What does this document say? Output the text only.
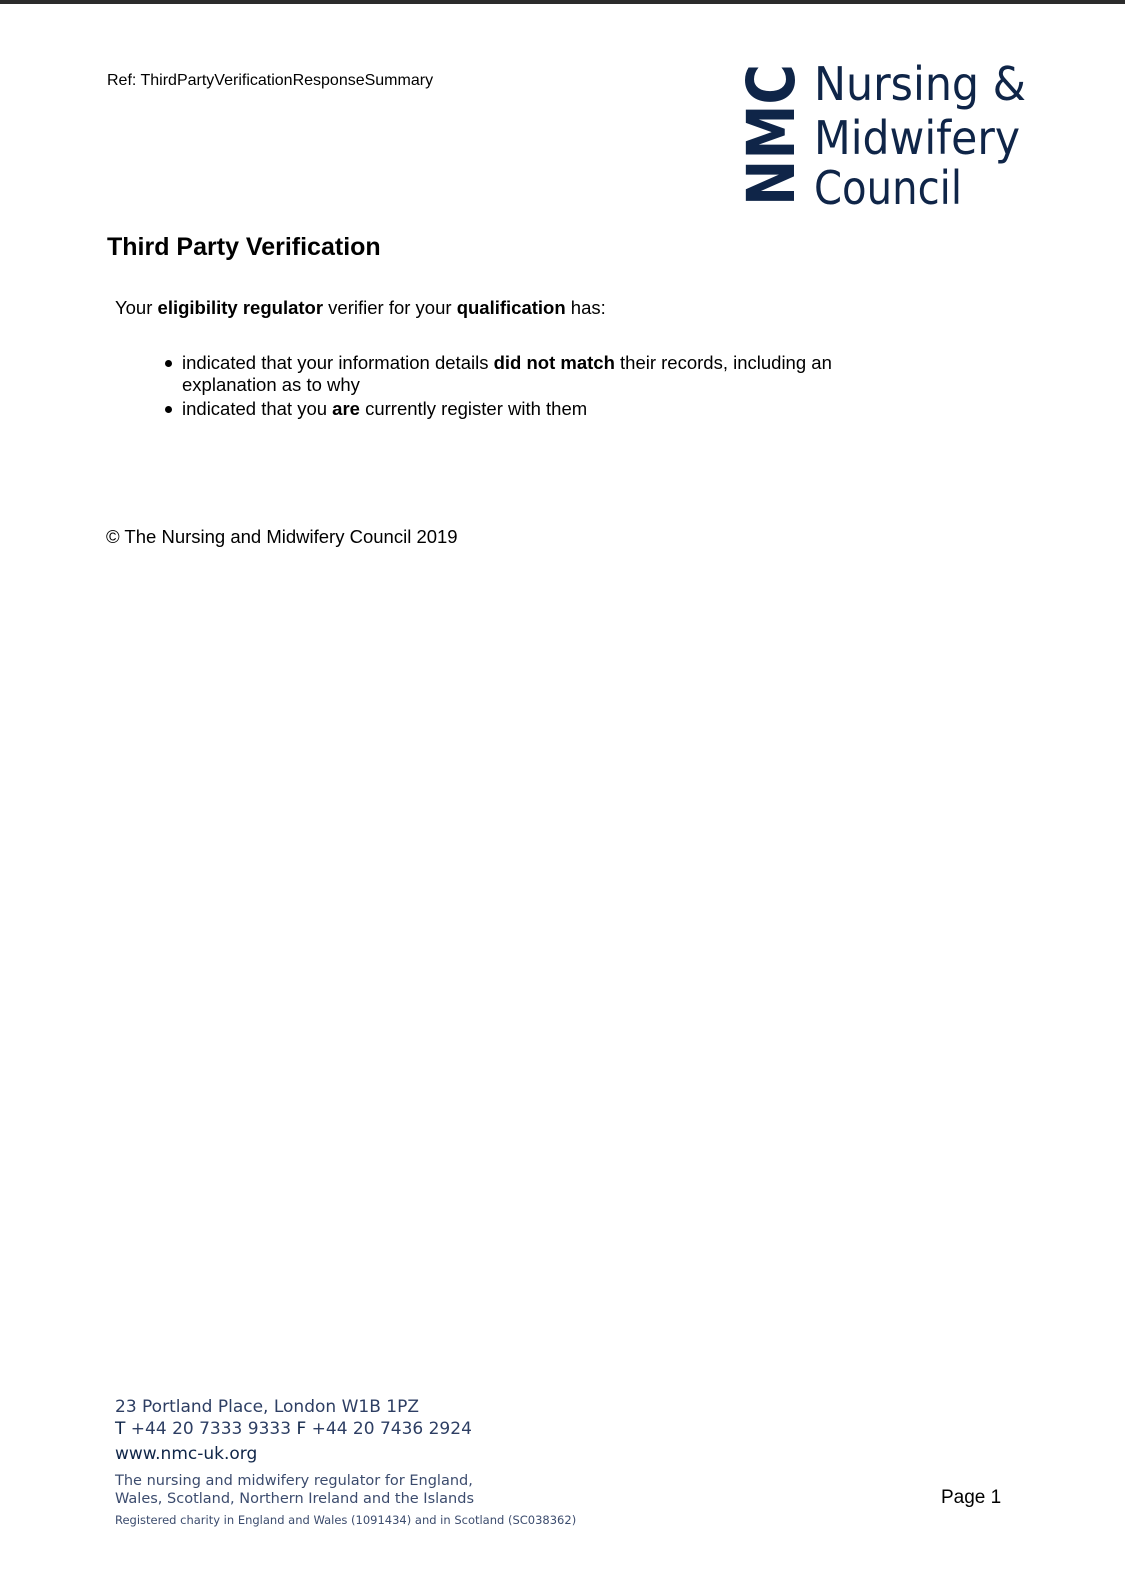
Ref: ThirdPartyVerificationResponseSummary	NMC Nursing &
Midwifery
Council
Third Party Verification
Your eligibility regulator verifier for your qualification has:
indicated that your information details did not match their records, including an explanation as to why
indicated that you are currently register with them
© The Nursing and Midwifery Council 2019
23 Portland Place, London W1B 1PZ
T +44 20 7333 9333 F +44 20 7436 2924
www.nmc-uk.org
The nursing and midwifery regulator for England,
Wales, Scotland, Northern Ireland and the Islands
Registered charity in England and Wales (1091434) and in Scotland (SC038362)
Page 1
